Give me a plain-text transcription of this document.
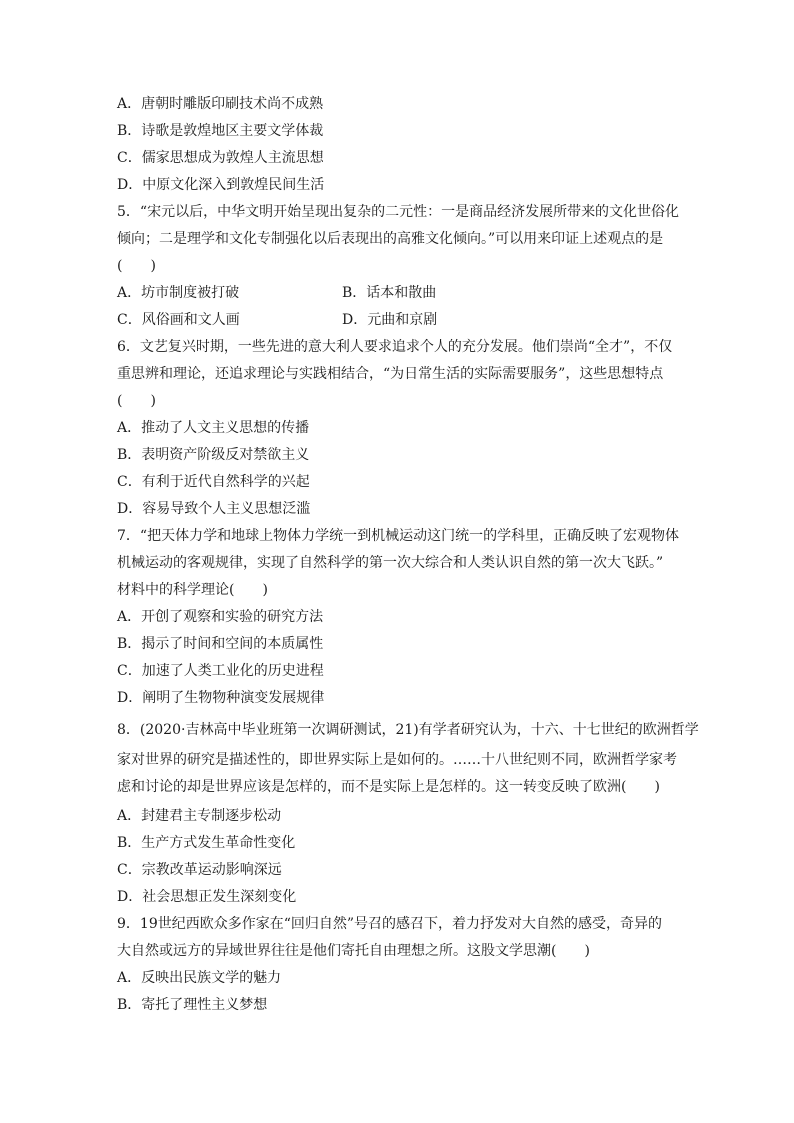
A．唐朝时雕版印刷技术尚不成熟
B．诗歌是敦煌地区主要文学体裁
C．儒家思想成为敦煌人主流思想
D．中原文化深入到敦煌民间生活
5．“宋元以后，中华文明开始呈现出复杂的二元性：一是商品经济发展所带来的文化世俗化
倾向；二是理学和文化专制强化以后表现出的高雅文化倾向。”可以用来印证上述观点的是
(　　)
A．坊市制度被打破	B．话本和散曲
C．风俗画和文人画	D．元曲和京剧
6．文艺复兴时期，一些先进的意大利人要求追求个人的充分发展。他们崇尚“全才”，不仅
重思辨和理论，还追求理论与实践相结合，“为日常生活的实际需要服务”，这些思想特点
(　　)
A．推动了人文主义思想的传播
B．表明资产阶级反对禁欲主义
C．有利于近代自然科学的兴起
D．容易导致个人主义思想泛滥
7．“把天体力学和地球上物体力学统一到机械运动这门统一的学科里，正确反映了宏观物体
机械运动的客观规律，实现了自然科学的第一次大综合和人类认识自然的第一次大飞跃。”
材料中的科学理论(　　)
A．开创了观察和实验的研究方法
B．揭示了时间和空间的本质属性
C．加速了人类工业化的历史进程
D．阐明了生物物种演变发展规律
8．(2020·吉林高中毕业班第一次调研测试，21)有学者研究认为，十六、十七世纪的欧洲哲学
家对世界的研究是描述性的，即世界实际上是如何的。……十八世纪则不同，欧洲哲学家考
虑和讨论的却是世界应该是怎样的，而不是实际上是怎样的。这一转变反映了欧洲(　　)
A．封建君主专制逐步松动
B．生产方式发生革命性变化
C．宗教改革运动影响深远
D．社会思想正发生深刻变化
9．19世纪西欧众多作家在“回归自然”号召的感召下，着力抒发对大自然的感受，奇异的
大自然或远方的异域世界往往是他们寄托自由理想之所。这股文学思潮(　　)
A．反映出民族文学的魅力
B．寄托了理性主义梦想
